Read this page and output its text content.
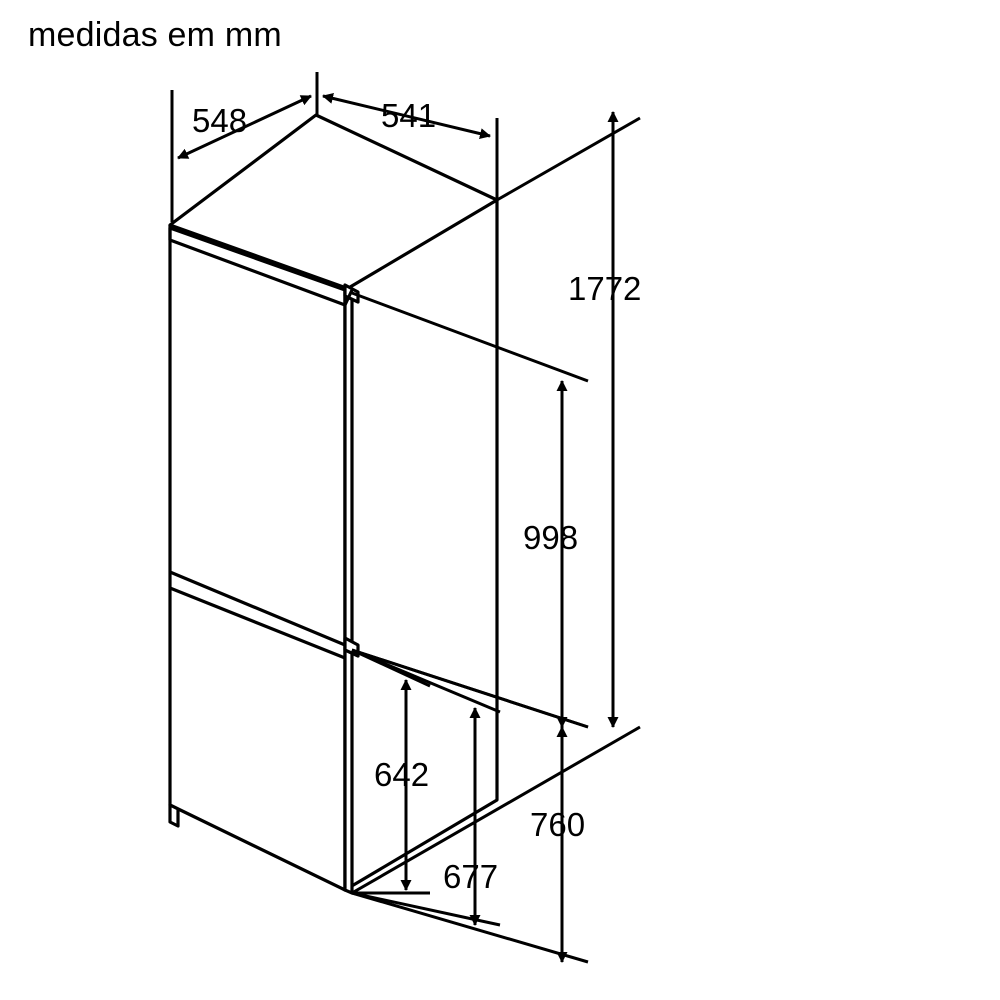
medidas em mm
548	541
1772
998
642
677
760
